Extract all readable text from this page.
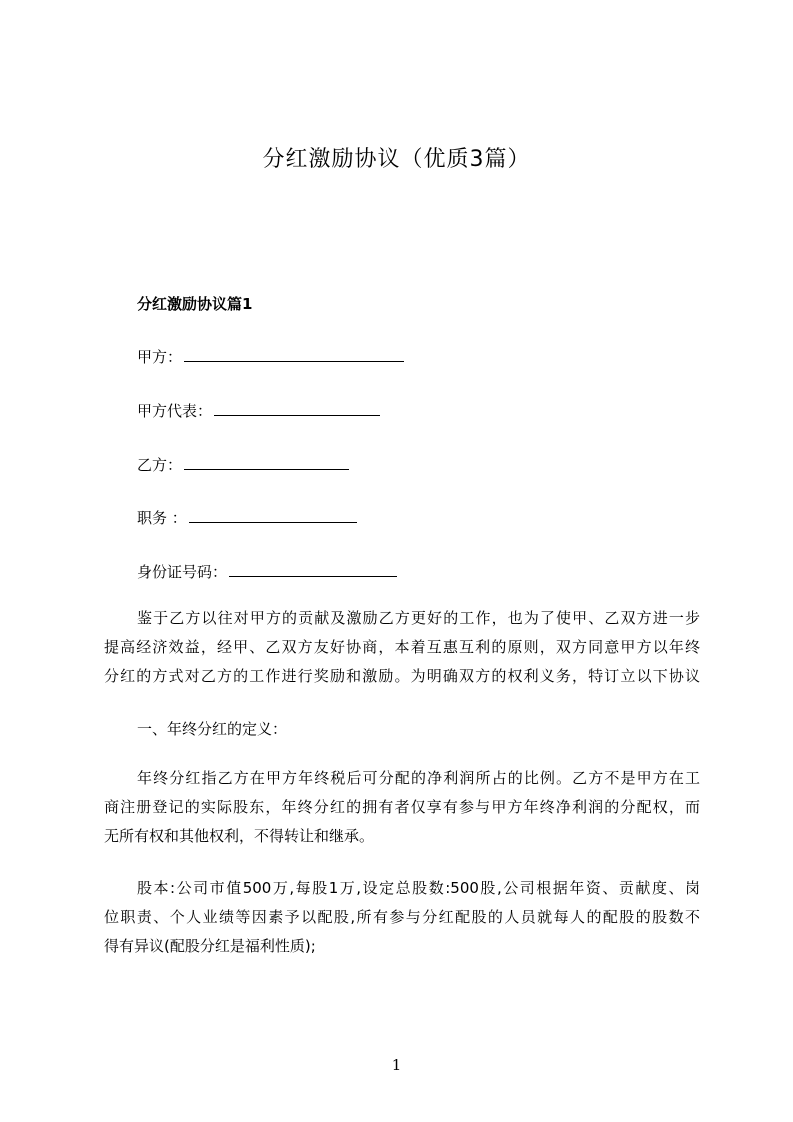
分红激励协议（优质3篇）
分红激励协议篇1
甲方：
甲方代表：
乙方：
职务 ：
身份证号码：
鉴于乙方以往对甲方的贡献及激励乙方更好的工作，也为了使甲、乙双方进一步
提高经济效益，经甲、乙双方友好协商，本着互惠互利的原则，双方同意甲方以年终
分红的方式对乙方的工作进行奖励和激励。为明确双方的权利义务，特订立以下协议
一、年终分红的定义：
年终分红指乙方在甲方年终税后可分配的净利润所占的比例。乙方不是甲方在工
商注册登记的实际股东，年终分红的拥有者仅享有参与甲方年终净利润的分配权，而
无所有权和其他权利，不得转让和继承。
股本:公司市值500万,每股1万,设定总股数:500股,公司根据年资、贡献度、岗
位职责、个人业绩等因素予以配股,所有参与分红配股的人员就每人的配股的股数不
得有异议(配股分红是福利性质);
1
